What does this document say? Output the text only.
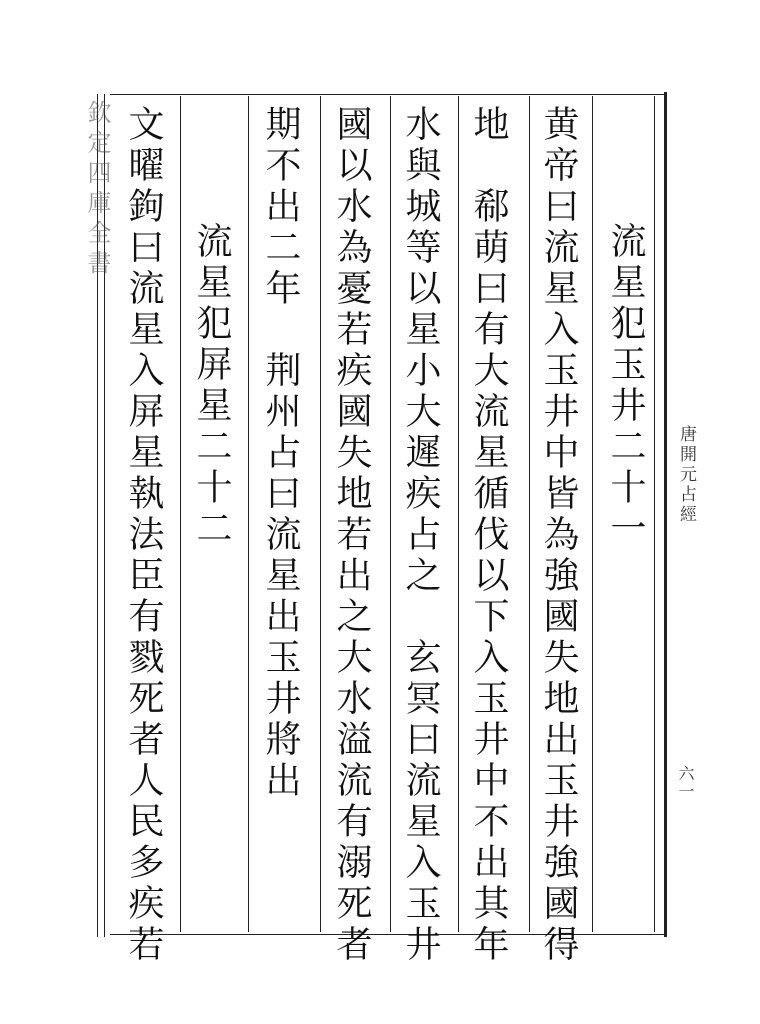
欽定四庫全書
唐開元占經
六一
流星犯玉井二十一
黄帝曰流星入玉井中皆為強國失地出玉井強國得
地　郗萌曰有大流星循伐以下入玉井中不出其年
水與城等以星小大遲疾占之　玄冥曰流星入玉井
國以水為憂若疾國失地若出之大水溢流有溺死者
期不出二年　荆州占曰流星出玉井將出
流星犯屏星二十二
文曜鉤曰流星入屏星執法臣有戮死者人民多疾若
